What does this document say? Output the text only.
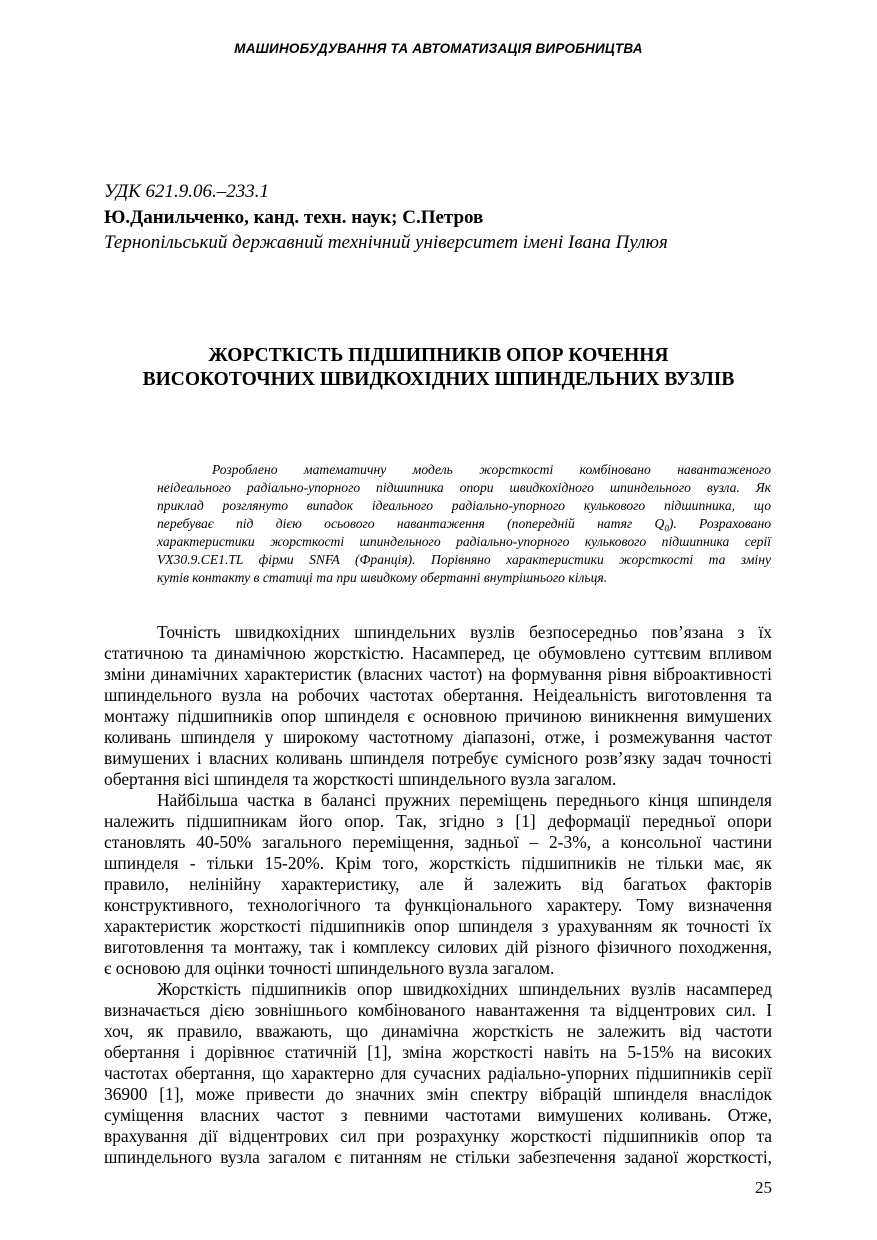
МАШИНОБУДУВАННЯ ТА АВТОМАТИЗАЦІЯ ВИРОБНИЦТВА
УДК 621.9.06.–233.1
Ю.Данильченко, канд. техн. наук; С.Петров
Тернопільський державний технічний університет імені Івана Пулюя
ЖОРСТКІСТЬ ПІДШИПНИКІВ ОПОР КОЧЕННЯ
ВИСОКОТОЧНИХ ШВИДКОХІДНИХ ШПИНДЕЛЬНИХ ВУЗЛІВ
Розроблено математичну модель жорсткості комбіновано навантаженого
неідеального радіально-упорного підшипника опори швидкохідного шпиндельного вузла. Як
приклад розглянуто випадок ідеального радіально-упорного кулькового підшипника, що
перебуває під дією осьового навантаження (попередній натяг $Q_0$). Розраховано
характеристики жорсткості шпиндельного радіально-упорного кулькового підшипника серії
VX30.9.CE1.TL фірми SNFA (Франція). Порівняно характеристики жорсткості та зміну
кутів контакту в статиці та при швидкому обертанні внутрішнього кільця.
Точність швидкохідних шпиндельних вузлів безпосередньо пов’язана з їх
статичною та динамічною жорсткістю. Насамперед, це обумовлено суттєвим впливом
зміни динамічних характеристик (власних частот) на формування рівня віброактивності
шпиндельного вузла на робочих частотах обертання. Неідеальність виготовлення та
монтажу підшипників опор шпинделя є основною причиною виникнення вимушених
коливань шпинделя у широкому частотному діапазоні, отже, і розмежування частот
вимушених і власних коливань шпинделя потребує сумісного розв’язку задач точності
обертання вісі шпинделя та жорсткості шпиндельного вузла загалом.
Найбільша частка в балансі пружних переміщень переднього кінця шпинделя
належить підшипникам його опор. Так, згідно з [1] деформації передньої опори
становлять 40-50% загального переміщення, задньої – 2-3%, а консольної частини
шпинделя - тільки 15-20%. Крім того, жорсткість підшипників не тільки має, як
правило, нелінійну характеристику, але й залежить від багатьох факторів
конструктивного, технологічного та функціонального характеру. Тому визначення
характеристик жорсткості підшипників опор шпинделя з урахуванням як точності їх
виготовлення та монтажу, так і комплексу силових дій різного фізичного походження,
є основою для оцінки точності шпиндельного вузла загалом.
Жорсткість підшипників опор швидкохідних шпиндельних вузлів насамперед
визначається дією зовнішнього комбінованого навантаження та відцентрових сил. І
хоч, як правило, вважають, що динамічна жорсткість не залежить від частоти
обертання і дорівнює статичній [1], зміна жорсткості навіть на 5-15% на високих
частотах обертання, що характерно для сучасних радіально-упорних підшипників серії
36900 [1], може привести до значних змін спектру вібрацій шпинделя внаслідок
суміщення власних частот з певними частотами вимушених коливань. Отже,
врахування дії відцентрових сил при розрахунку жорсткості підшипників опор та
шпиндельного вузла загалом є питанням не стільки забезпечення заданої жорсткості,
25
